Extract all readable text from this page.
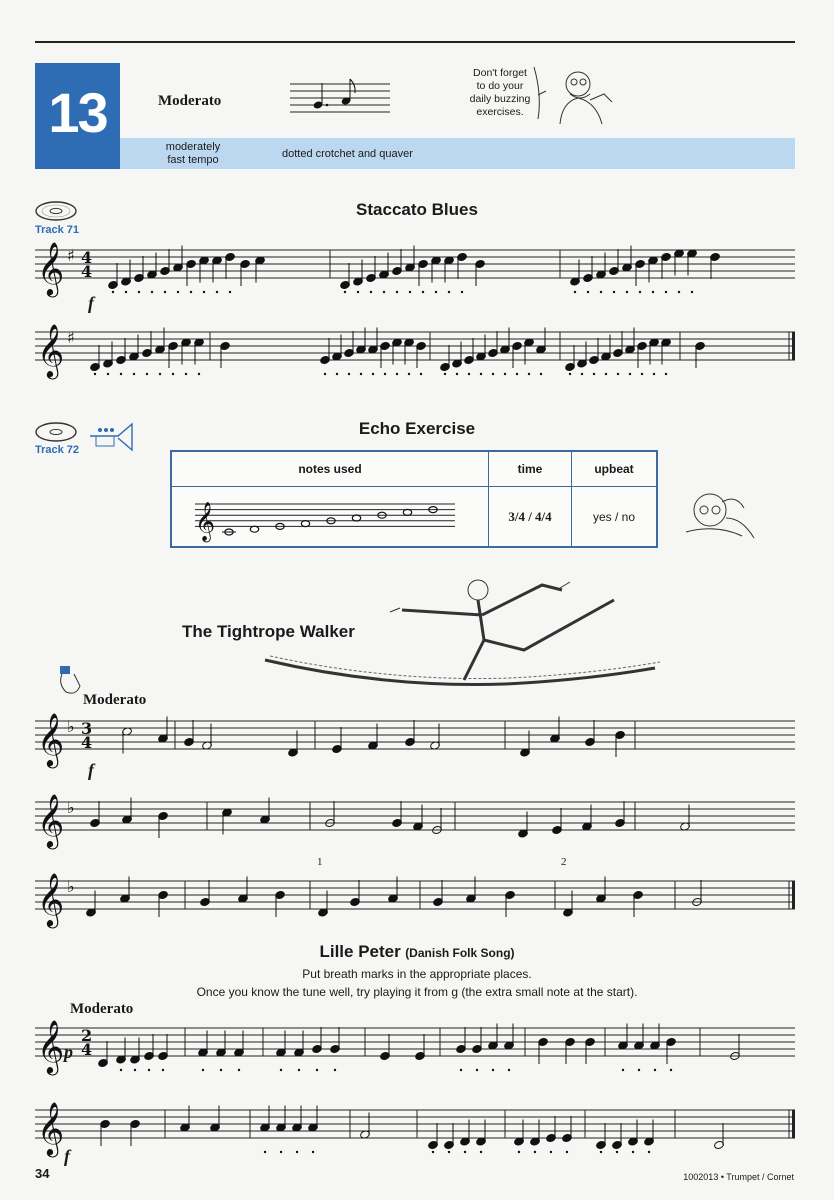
13	Moderato
moderately fast tempo	dotted crotchet and quaver
Don't forget to do your daily buzzing exercises.
Track 71
Staccato Blues
𝄞 ♯ 4
4
f
𝄞 ♯
Track 72
Echo Exercise
notes used	time	upbeat

𝄞	3/4 / 4/4	yes / no
The Tightrope Walker
Moderato
𝄞 ♭ 3
4
f
𝄞 ♭
𝄞 ♭
1	2
Lille Peter (Danish Folk Song)
Put breath marks in the appropriate places.
Once you know the tune well, try playing it from g (the extra small note at the start).
Moderato
𝄞 2
4
p
𝄞
f
34	1002013 • Trumpet / Cornet
